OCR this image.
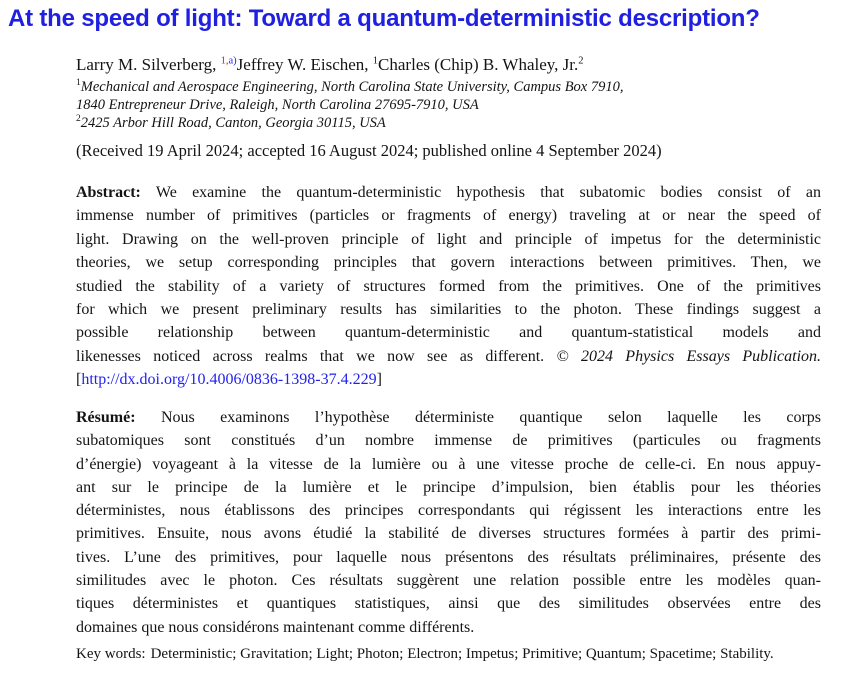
At the speed of light: Toward a quantum-deterministic description?
Larry M. Silverberg, $^{1,a)}$Jeffrey W. Eischen, $^1$Charles (Chip) B. Whaley, Jr.$^2$
$^1$Mechanical and Aerospace Engineering, North Carolina State University, Campus Box 7910,
1840 Entrepreneur Drive, Raleigh, North Carolina 27695-7910, USA
$^2$2425 Arbor Hill Road, Canton, Georgia 30115, USA
(Received 19 April 2024; accepted 16 August 2024; published online 4 September 2024)
Abstract: We examine the quantum-deterministic hypothesis that subatomic bodies consist of an
immense number of primitives (particles or fragments of energy) traveling at or near the speed of
light. Drawing on the well-proven principle of light and principle of impetus for the deterministic
theories, we setup corresponding principles that govern interactions between primitives. Then, we
studied the stability of a variety of structures formed from the primitives. One of the primitives
for which we present preliminary results has similarities to the photon. These findings suggest a
possible relationship between quantum-deterministic and quantum-statistical models and
likenesses noticed across realms that we now see as different. © 2024 Physics Essays Publication.
[http://dx.doi.org/10.4006/0836-1398-37.4.229]
Résumé: Nous examinons l’hypothèse déterministe quantique selon laquelle les corps
subatomiques sont constitués d’un nombre immense de primitives (particules ou fragments
d’énergie) voyageant à la vitesse de la lumière ou à une vitesse proche de celle-ci. En nous appuy-
ant sur le principe de la lumière et le principe d’impulsion, bien établis pour les théories
déterministes, nous établissons des principes correspondants qui régissent les interactions entre les
primitives. Ensuite, nous avons étudié la stabilité de diverses structures formées à partir des primi-
tives. L’une des primitives, pour laquelle nous présentons des résultats préliminaires, présente des
similitudes avec le photon. Ces résultats suggèrent une relation possible entre les modèles quan-
tiques déterministes et quantiques statistiques, ainsi que des similitudes observées entre des
domaines que nous considérons maintenant comme différents.
Key words: Deterministic; Gravitation; Light; Photon; Electron; Impetus; Primitive; Quantum; Spacetime; Stability.
